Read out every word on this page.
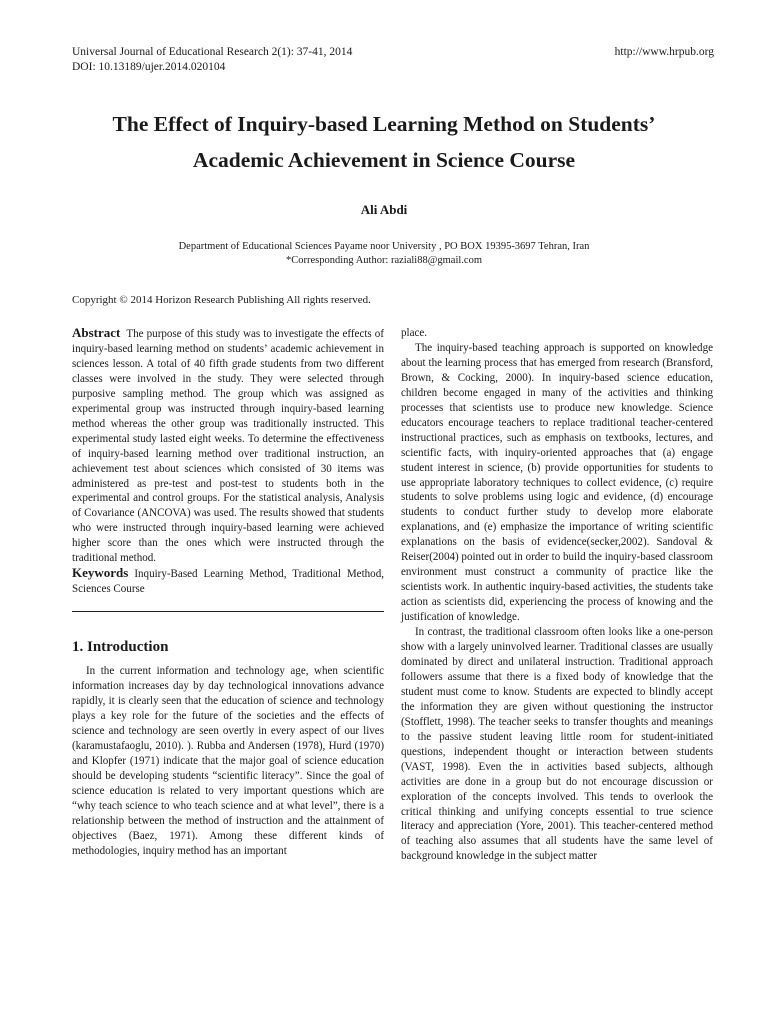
Universal Journal of Educational Research 2(1): 37-41, 2014
DOI: 10.13189/ujer.2014.020104
http://www.hrpub.org
The Effect of Inquiry-based Learning Method on Students’
Academic Achievement in Science Course
Ali Abdi
Department of Educational Sciences Payame noor University , PO BOX 19395-3697 Tehran, Iran
*Corresponding Author: raziali88@gmail.com
Copyright © 2014 Horizon Research Publishing All rights reserved.

Abstract The purpose of this study was to investigate the effects of inquiry-based learning method on students’ academic achievement in sciences lesson. A total of 40 fifth grade students from two different classes were involved in the study. They were selected through purposive sampling method. The group which was assigned as experimental group was instructed through inquiry-based learning method whereas the other group was traditionally instructed. This experimental study lasted eight weeks. To determine the effectiveness of inquiry-based learning method over traditional instruction, an achievement test about sciences which consisted of 30 items was administered as pre-test and post-test to students both in the experimental and control groups. For the statistical analysis, Analysis of Covariance (ANCOVA) was used. The results showed that students who were instructed through inquiry-based learning were achieved higher score than the ones which were instructed through the traditional method.

Keywords Inquiry-Based Learning Method, Traditional Method, Sciences Course

1. Introduction

In the current information and technology age, when scientific information increases day by day technological innovations advance rapidly, it is clearly seen that the education of science and technology plays a key role for the future of the societies and the effects of science and technology are seen overtly in every aspect of our lives (karamustafaoglu, 2010). ). Rubba and Andersen (1978), Hurd (1970) and Klopfer (1971) indicate that the major goal of science education should be developing students “scientific literacy”. Since the goal of science education is related to very important questions which are “why teach science to who teach science and at what level”, there is a relationship between the method of instruction and the attainment of objectives (Baez, 1971). Among these different kinds of methodologies, inquiry method has an important

place.

The inquiry-based teaching approach is supported on knowledge about the learning process that has emerged from research (Bransford, Brown, & Cocking, 2000). In inquiry-based science education, children become engaged in many of the activities and thinking processes that scientists use to produce new knowledge. Science educators encourage teachers to replace traditional teacher-centered instructional practices, such as emphasis on textbooks, lectures, and scientific facts, with inquiry-oriented approaches that (a) engage student interest in science, (b) provide opportunities for students to use appropriate laboratory techniques to collect evidence, (c) require students to solve problems using logic and evidence, (d) encourage students to conduct further study to develop more elaborate explanations, and (e) emphasize the importance of writing scientific explanations on the basis of evidence(secker,2002). Sandoval & Reiser(2004) pointed out in order to build the inquiry-based classroom environment must construct a community of practice like the scientists work. In authentic inquiry-based activities, the students take action as scientists did, experiencing the process of knowing and the justification of knowledge.

In contrast, the traditional classroom often looks like a one-person show with a largely uninvolved learner. Traditional classes are usually dominated by direct and unilateral instruction. Traditional approach followers assume that there is a fixed body of knowledge that the student must come to know. Students are expected to blindly accept the information they are given without questioning the instructor (Stofflett, 1998). The teacher seeks to transfer thoughts and meanings to the passive student leaving little room for student-initiated questions, independent thought or interaction between students (VAST, 1998). Even the in activities based subjects, although activities are done in a group but do not encourage discussion or exploration of the concepts involved. This tends to overlook the critical thinking and unifying concepts essential to true science literacy and appreciation (Yore, 2001). This teacher-centered method of teaching also assumes that all students have the same level of background knowledge in the subject matter
